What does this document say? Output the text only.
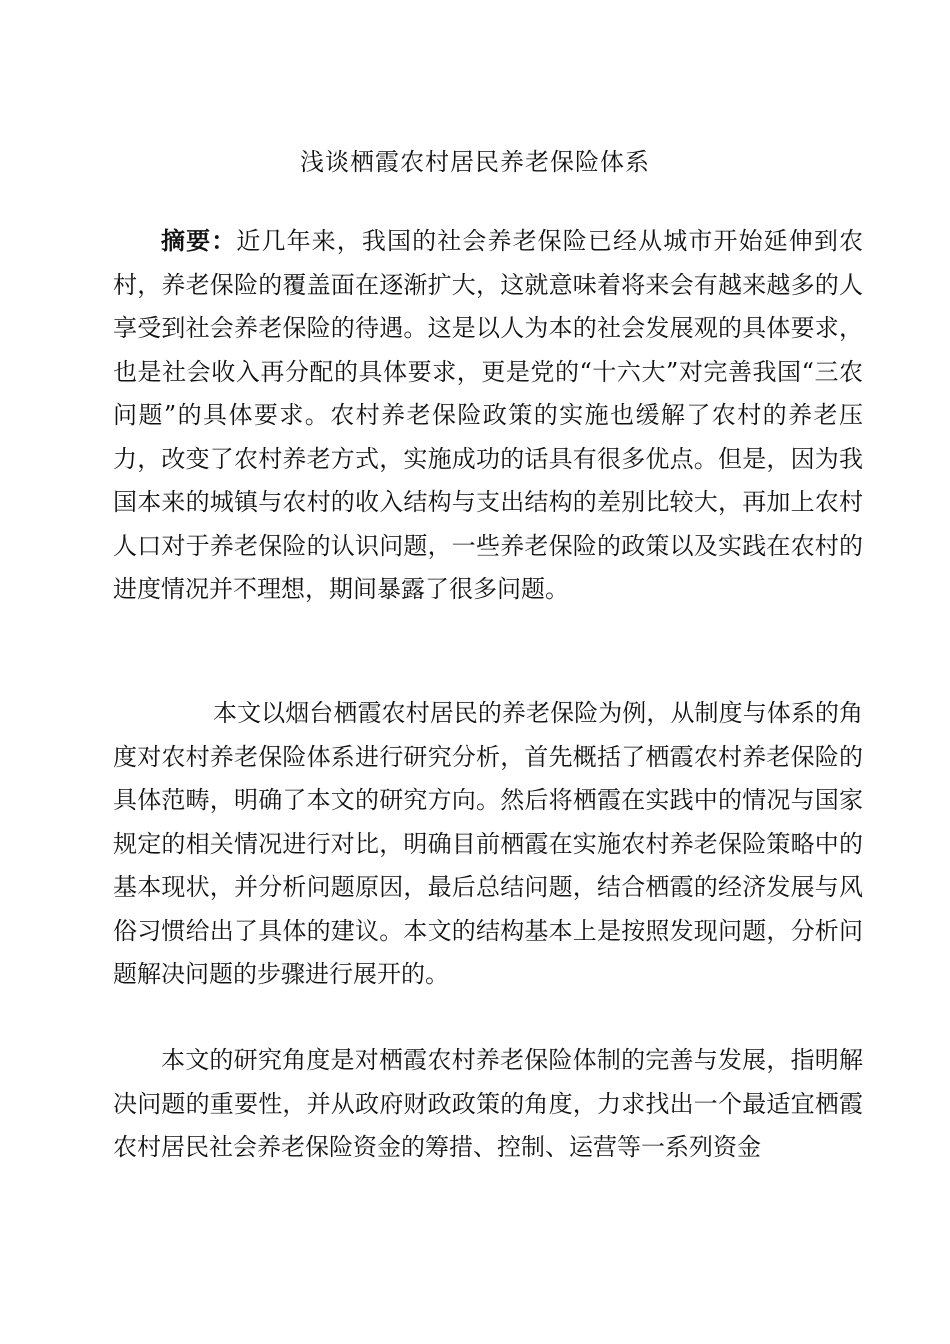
浅谈栖霞农村居民养老保险体系

摘要：近几年来，我国的社会养老保险已经从城市开始延伸到农村，养老保险的覆盖面在逐渐扩大，这就意味着将来会有越来越多的人享受到社会养老保险的待遇。这是以人为本的社会发展观的具体要求，也是社会收入再分配的具体要求，更是党的“十六大”对完善我国“三农问题”的具体要求。农村养老保险政策的实施也缓解了农村的养老压力，改变了农村养老方式，实施成功的话具有很多优点。但是，因为我国本来的城镇与农村的收入结构与支出结构的差别比较大，再加上农村人口对于养老保险的认识问题，一些养老保险的政策以及实践在农村的进度情况并不理想，期间暴露了很多问题。

本文以烟台栖霞农村居民的养老保险为例，从制度与体系的角度对农村养老保险体系进行研究分析，首先概括了栖霞农村养老保险的具体范畴，明确了本文的研究方向。然后将栖霞在实践中的情况与国家规定的相关情况进行对比，明确目前栖霞在实施农村养老保险策略中的基本现状，并分析问题原因，最后总结问题，结合栖霞的经济发展与风俗习惯给出了具体的建议。本文的结构基本上是按照发现问题，分析问题解决问题的步骤进行展开的。

本文的研究角度是对栖霞农村养老保险体制的完善与发展，指明解决问题的重要性，并从政府财政政策的角度，力求找出一个最适宜栖霞农村居民社会养老保险资金的筹措、控制、运营等一系列资金
